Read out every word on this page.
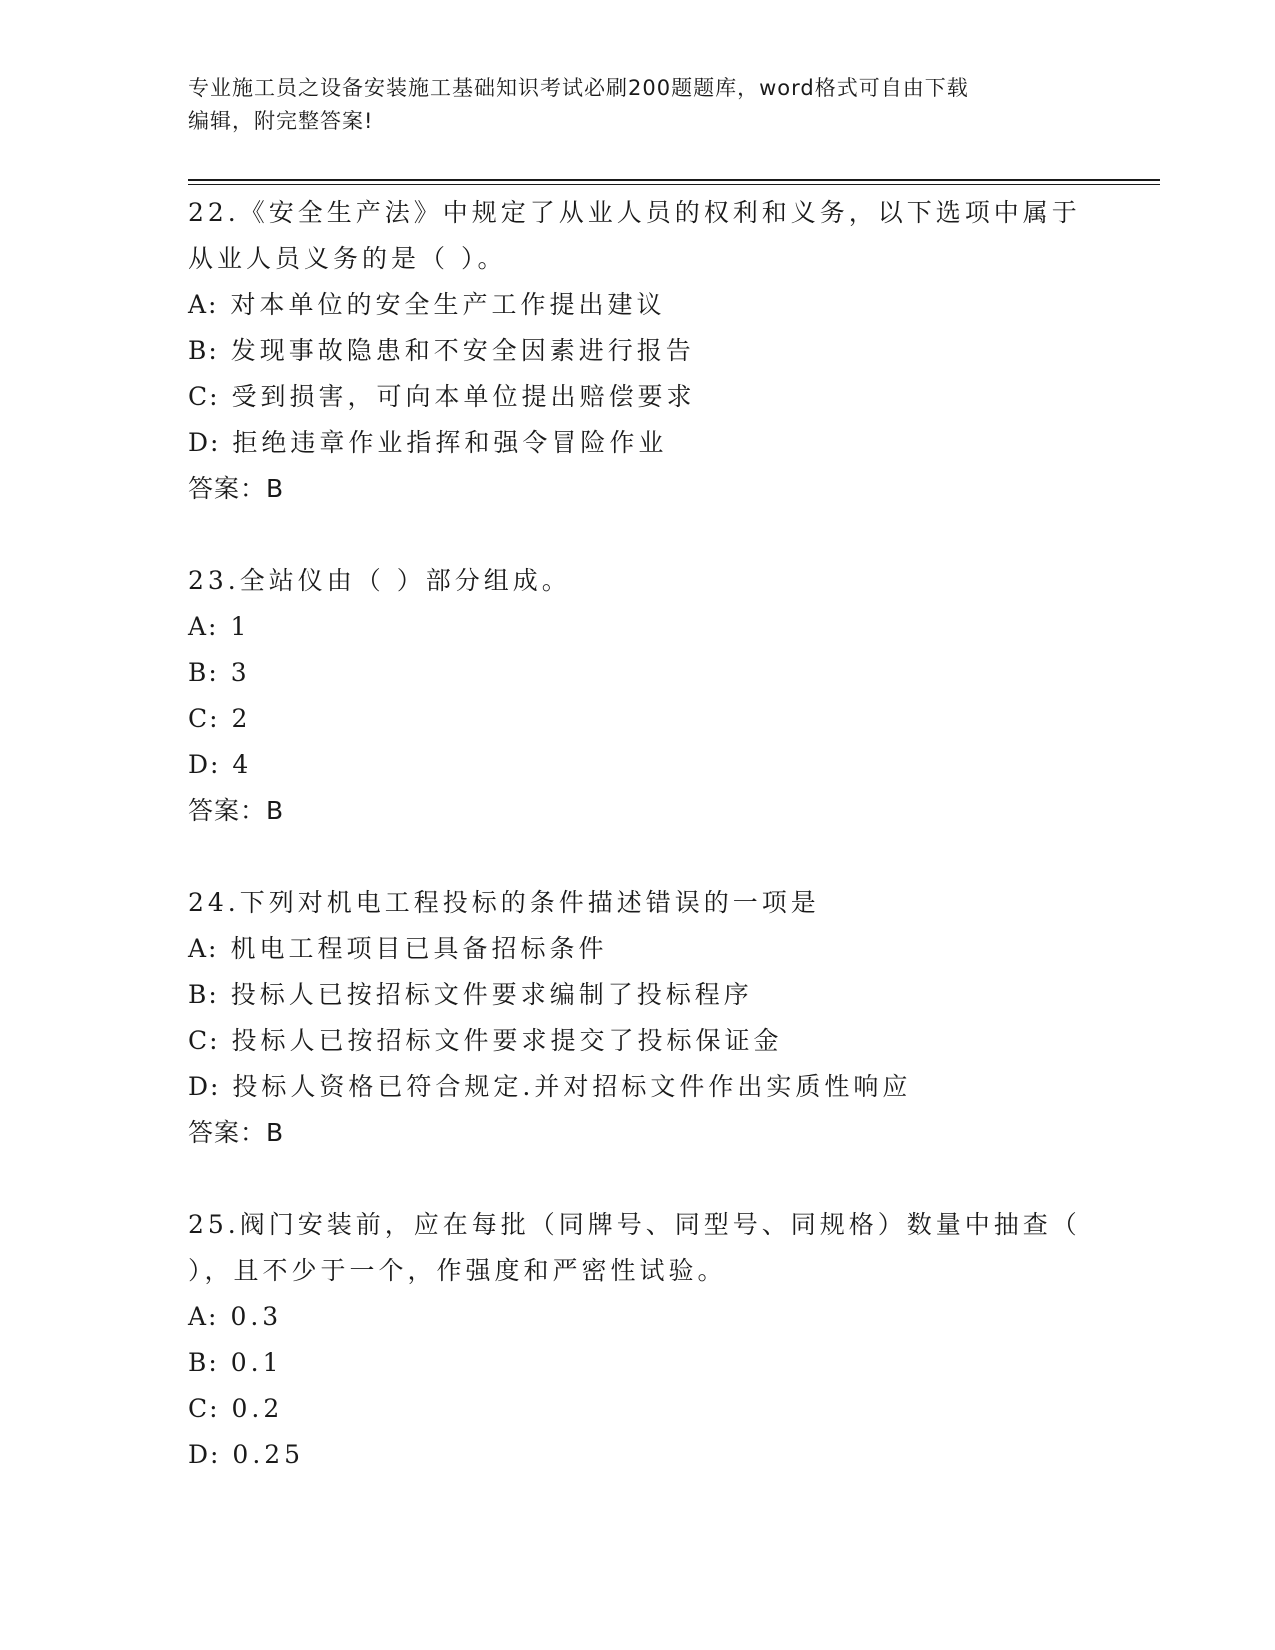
专业施工员之设备安装施工基础知识考试必刷200题题库，word格式可自由下载
编辑，附完整答案!
22.《安全生产法》中规定了从业人员的权利和义务，以下选项中属于
从业人员义务的是（ ）。
A: 对本单位的安全生产工作提出建议
B: 发现事故隐患和不安全因素进行报告
C: 受到损害，可向本单位提出赔偿要求
D: 拒绝违章作业指挥和强令冒险作业
答案：B
23.全站仪由（ ）部分组成。
A: 1
B: 3
C: 2
D: 4
答案：B
24.下列对机电工程投标的条件描述错误的一项是
A: 机电工程项目已具备招标条件
B: 投标人已按招标文件要求编制了投标程序
C: 投标人已按招标文件要求提交了投标保证金
D: 投标人资格已符合规定.并对招标文件作出实质性响应
答案：B
25.阀门安装前，应在每批（同牌号、同型号、同规格）数量中抽查（
），且不少于一个，作强度和严密性试验。
A: 0.3
B: 0.1
C: 0.2
D: 0.25
